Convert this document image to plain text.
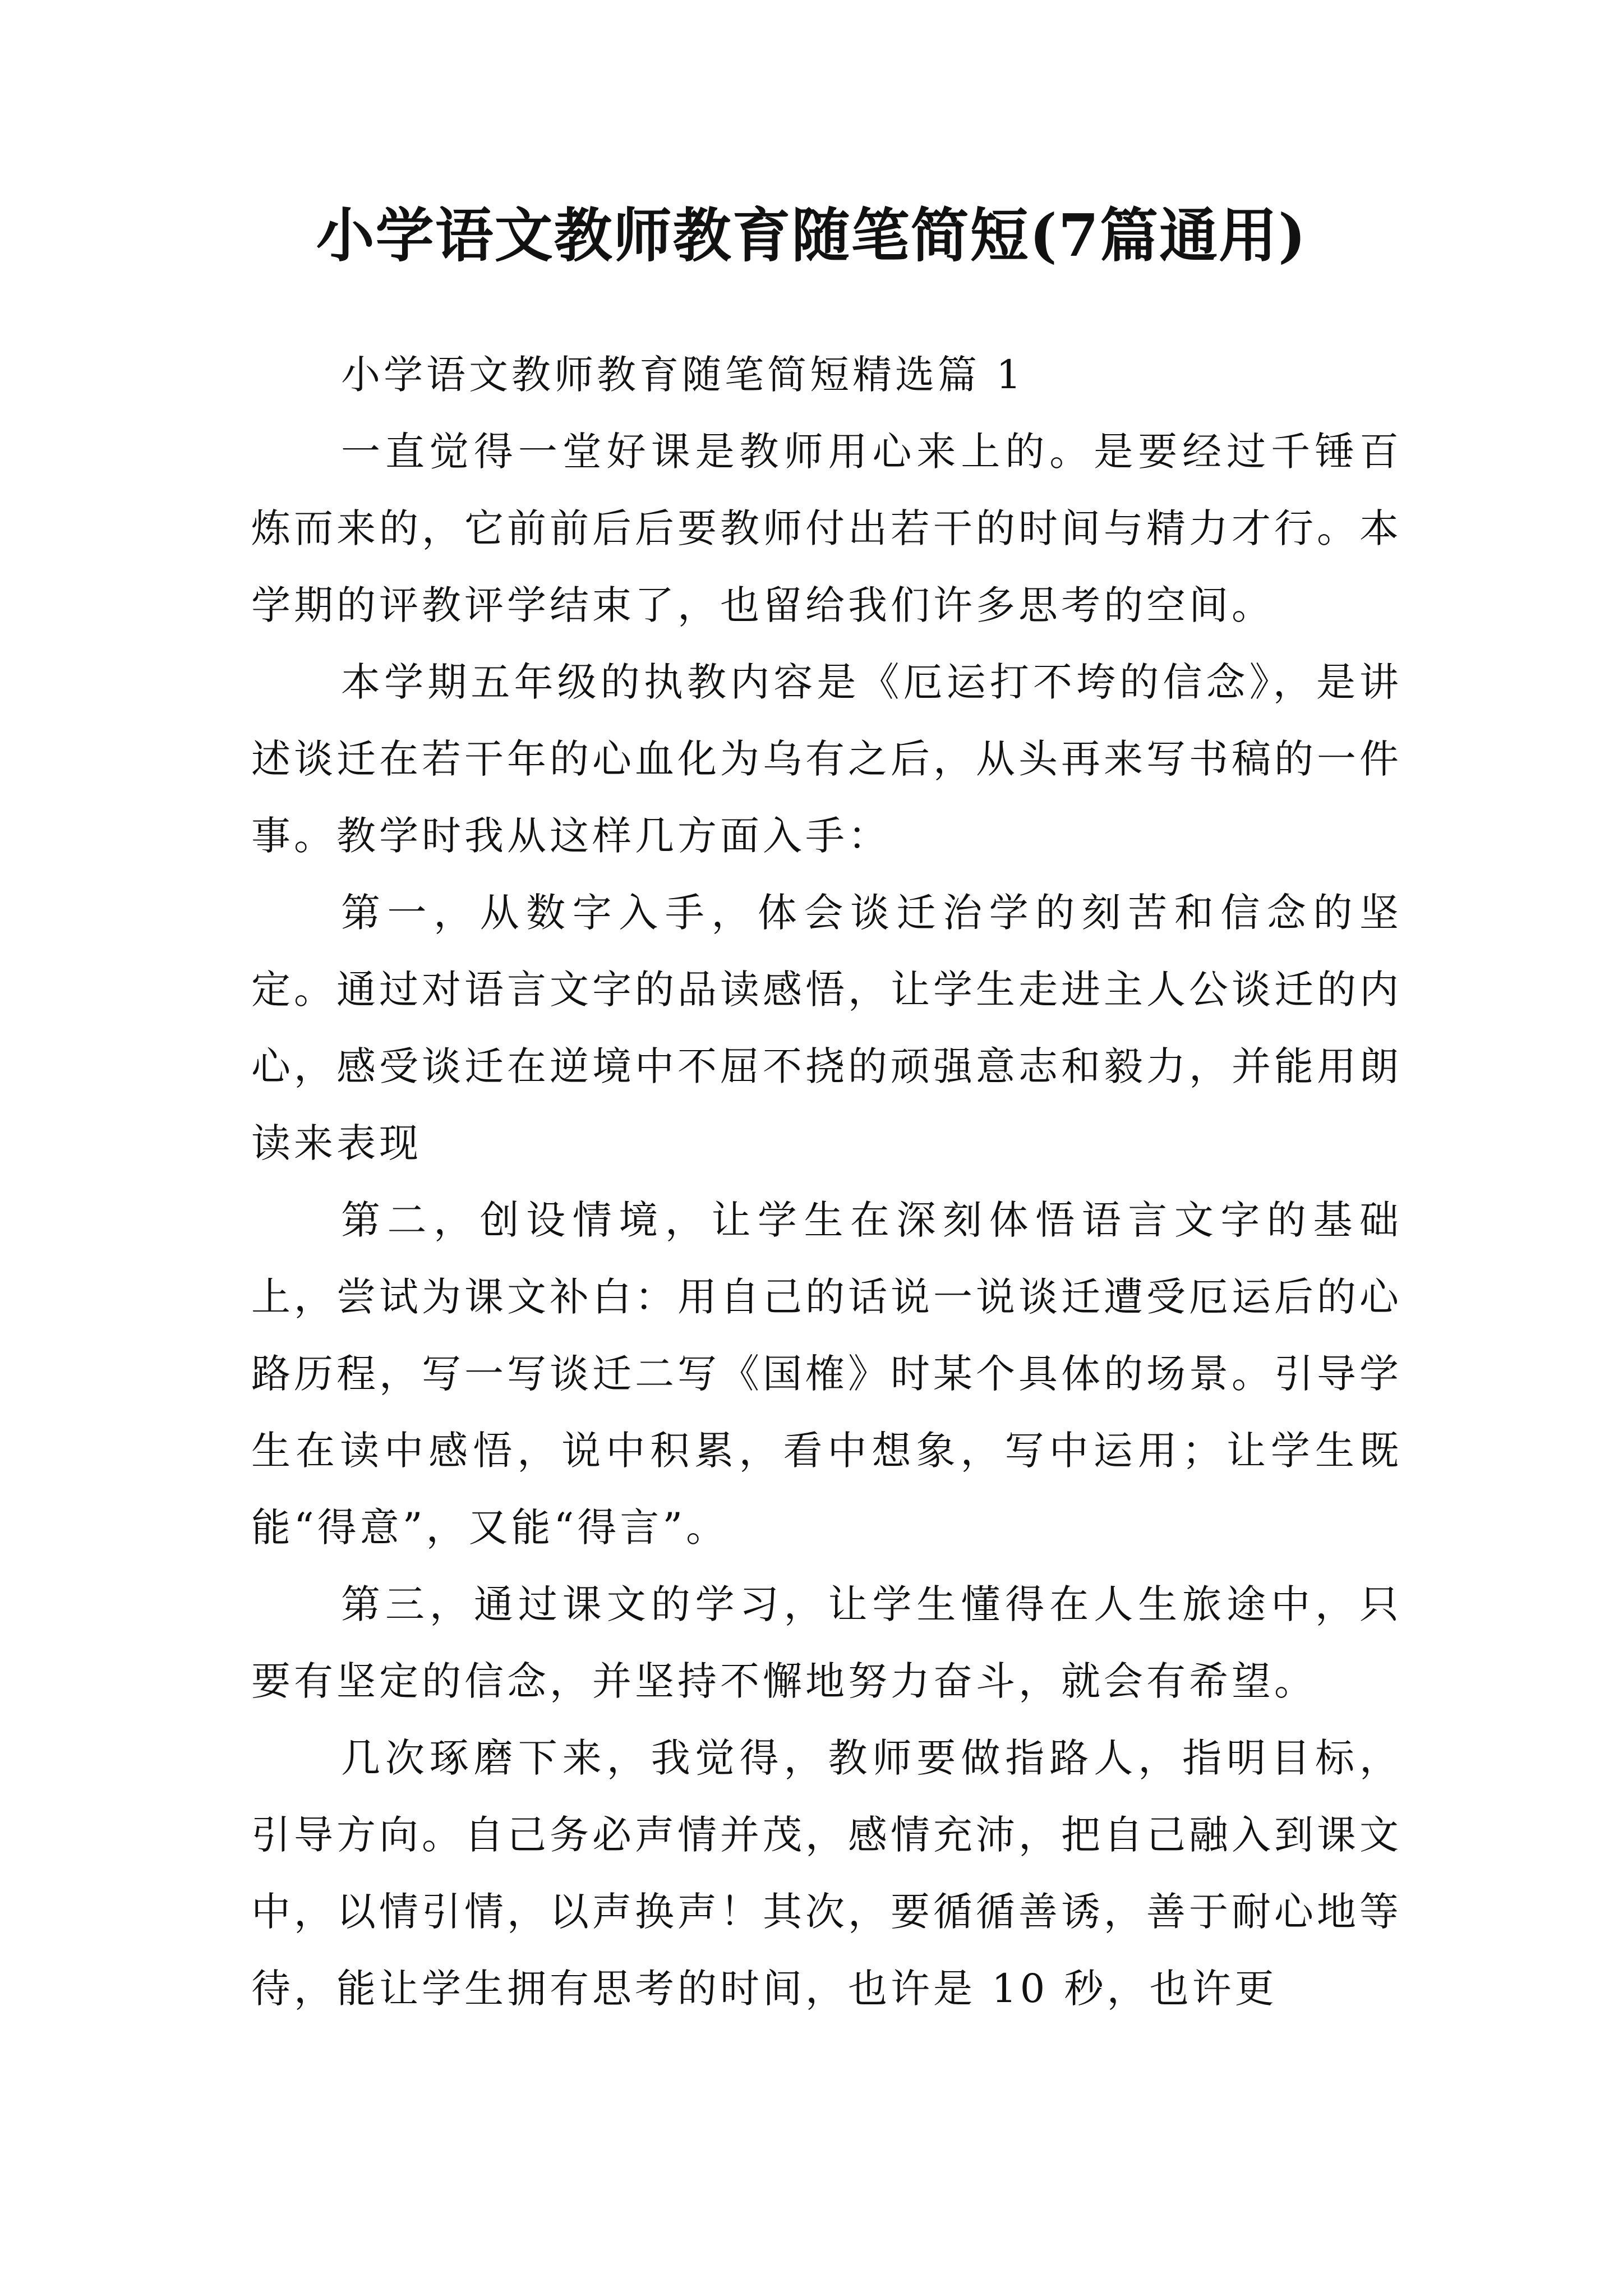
小学语文教师教育随笔简短(7篇通用)

小学语文教师教育随笔简短精选篇 1

一直觉得一堂好课是教师用心来上的。是要经过千锤百炼而来的，它前前后后要教师付出若干的时间与精力才行。本学期的评教评学结束了，也留给我们许多思考的空间。

本学期五年级的执教内容是《厄运打不垮的信念》，是讲述谈迁在若干年的心血化为乌有之后，从头再来写书稿的一件事。教学时我从这样几方面入手：

第一，从数字入手，体会谈迁治学的刻苦和信念的坚定。通过对语言文字的品读感悟，让学生走进主人公谈迁的内心，感受谈迁在逆境中不屈不挠的顽强意志和毅力，并能用朗读来表现

第二，创设情境，让学生在深刻体悟语言文字的基础上，尝试为课文补白：用自己的话说一说谈迁遭受厄运后的心路历程，写一写谈迁二写《国榷》时某个具体的场景。引导学生在读中感悟，说中积累，看中想象，写中运用；让学生既能“得意”，又能“得言”。

第三，通过课文的学习，让学生懂得在人生旅途中，只要有坚定的信念，并坚持不懈地努力奋斗，就会有希望。

几次琢磨下来，我觉得，教师要做指路人，指明目标，引导方向。自己务必声情并茂，感情充沛，把自己融入到课文中，以情引情，以声换声！其次，要循循善诱，善于耐心地等待，能让学生拥有思考的时间，也许是 10 秒，也许更
